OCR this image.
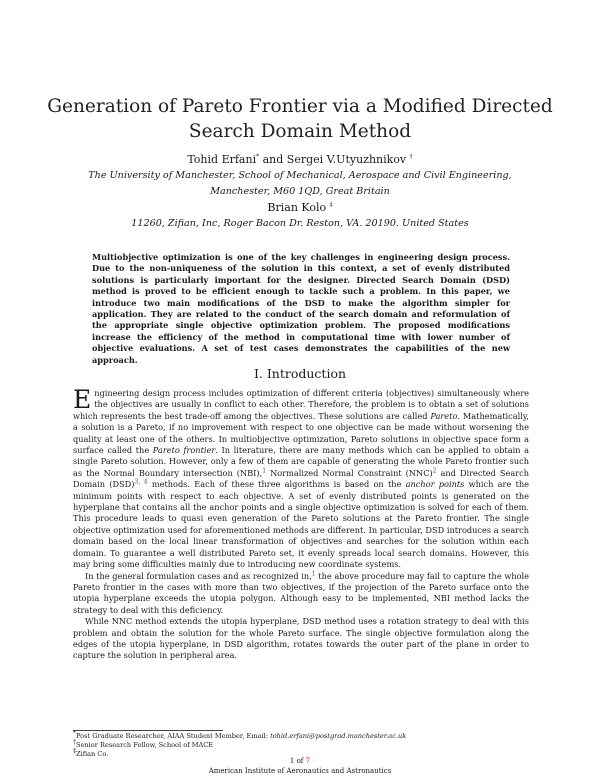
Generation of Pareto Frontier via a Modified Directed
Search Domain Method
Tohid Erfani* and Sergei V.Utyuzhnikov †
The University of Manchester, School of Mechanical, Aerospace and Civil Engineering,
Manchester, M60 1QD, Great Britain
Brian Kolo ‡
11260, Zifian, Inc, Roger Bacon Dr. Reston, VA. 20190. United States
Multiobjective optimization is one of the key challenges in engineering design process. Due to the non-uniqueness of the solution in this context, a set of evenly distributed solutions is particularly important for the designer. Directed Search Domain (DSD) method is proved to be efficient enough to tackle such a problem. In this paper, we introduce two main modifications of the DSD to make the algorithm simpler for application. They are related to the conduct of the search domain and reformulation of the appropriate single objective optimization problem. The proposed modifications increase the efficiency of the method in computational time with lower number of objective evaluations. A set of test cases demonstrates the capabilities of the new approach.
I. Introduction

Engineering design process includes optimization of different criteria (objectives) simultaneously where the objectives are usually in conflict to each other. Therefore, the problem is to obtain a set of solutions which represents the best trade-off among the objectives. These solutions are called Pareto. Mathematically, a solution is a Pareto, if no improvement with respect to one objective can be made without worsening the quality at least one of the others. In multiobjective optimization, Pareto solutions in objective space form a surface called the Pareto frontier. In literature, there are many methods which can be applied to obtain a single Pareto solution. However, only a few of them are capable of generating the whole Pareto frontier such as the Normal Boundary intersection (NBI),$^1$ Normalized Normal Constraint (NNC)$^2$ and Directed Search Domain (DSD)$^{3, 4}$ methods. Each of these three algorithms is based on the anchor points which are the minimum points with respect to each objective. A set of evenly distributed points is generated on the hyperplane that contains all the anchor points and a single objective optimization is solved for each of them. This procedure leads to quasi even generation of the Pareto solutions at the Pareto frontier. The single objective optimization used for aforementioned methods are different. In particular, DSD introduces a search domain based on the local linear transformation of objectives and searches for the solution within each domain. To guarantee a well distributed Pareto set, it evenly spreads local search domains. However, this may bring some difficulties mainly due to introducing new coordinate systems.

In the general formulation cases and as recognized in,$^1$ the above procedure may fail to capture the whole Pareto frontier in the cases with more than two objectives, if the projection of the Pareto surface onto the utopia hyperplane exceeds the utopia polygon. Although easy to be implemented, NBI method lacks the strategy to deal with this deficiency.

While NNC method extends the utopia hyperplane, DSD method uses a rotation strategy to deal with this problem and obtain the solution for the whole Pareto surface. The single objective formulation along the edges of the utopia hyperplane, in DSD algorithm, rotates towards the outer part of the plane in order to capture the solution in peripheral area.

*Post Graduate Researcher, AIAA Student Member, Email: tohid.erfani@postgrad.manchester.ac.uk
†Senior Research Fellow, School of MACE
‡Zifian Co.
1 of 7
American Institute of Aeronautics and Astronautics
